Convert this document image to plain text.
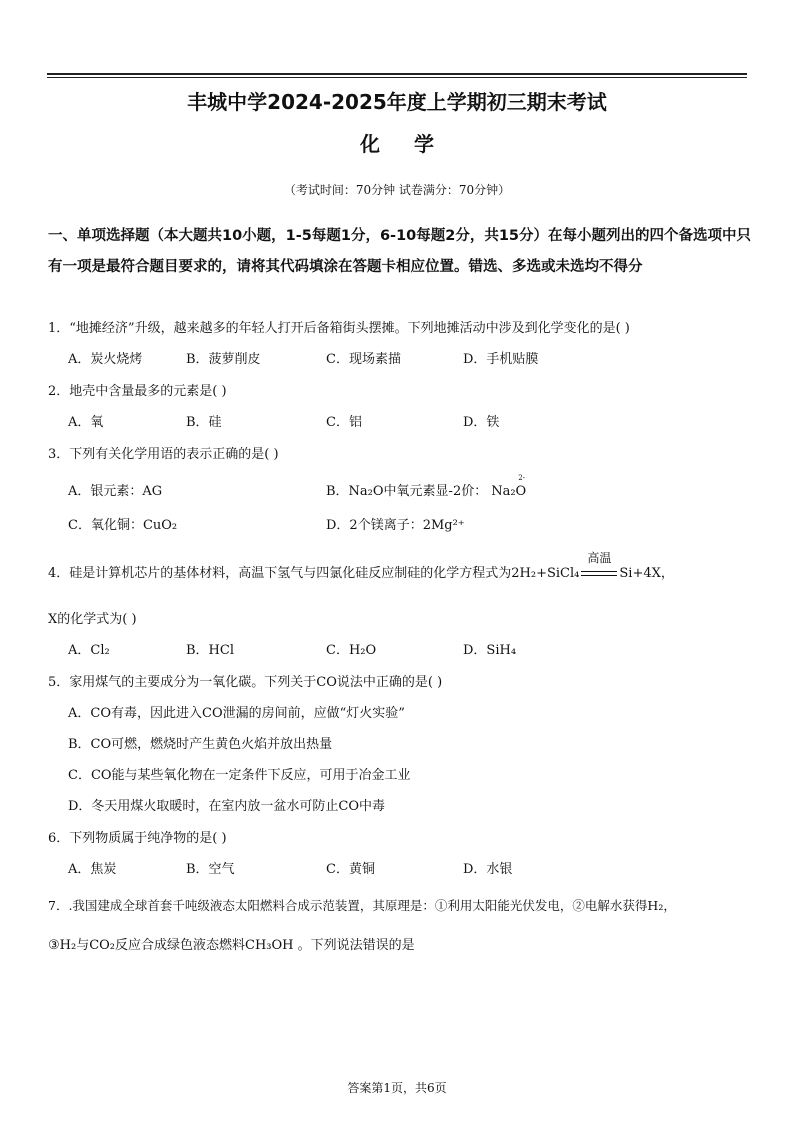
丰城中学2024-2025年度上学期初三期末考试
化学
（考试时间：70分钟 试卷满分：70分钟）
一、单项选择题（本大题共10小题，1-5每题1分，6-10每题2分，共15分）在每小题列出的四个备选项中只有一项是最符合题目要求的，请将其代码填涂在答题卡相应位置。错选、多选或未选均不得分
1．“地摊经济”升级，越来越多的年轻人打开后备箱街头摆摊。下列地摊活动中涉及到化学变化的是( )
A．炭火烧烤	B．菠萝削皮	C．现场素描	D．手机贴膜
2．地壳中含量最多的元素是( )
A．氧	B．硅	C．铝	D．铁
3．下列有关化学用语的表示正确的是( )
A．银元素：AG	B．Na₂O中氧元素显-2价：
2-
Na₂O
C．氧化铜：CuO₂	D．2个镁离子：2Mg²⁺
4．硅是计算机芯片的基体材料，高温下氢气与四氯化硅反应制硅的化学方程式为2H₂+SiCl₄
高温
Si+4X，
X的化学式为( )
A．Cl₂	B．HCl	C．H₂O	D．SiH₄
5．家用煤气的主要成分为一氧化碳。下列关于CO说法中正确的是( )
A．CO有毒，因此进入CO泄漏的房间前，应做“灯火实验”
B．CO可燃，燃烧时产生黄色火焰并放出热量
C．CO能与某些氧化物在一定条件下反应，可用于冶金工业
D．冬天用煤火取暖时，在室内放一盆水可防止CO中毒
6．下列物质属于纯净物的是( )
A．焦炭	B．空气	C．黄铜	D．水银
7．.我国建成全球首套千吨级液态太阳燃料合成示范装置，其原理是：①利用太阳能光伏发电，②电解水获得H₂，
③H₂与CO₂反应合成绿色液态燃料CH₃OH 。下列说法错误的是
答案第1页，共6页
